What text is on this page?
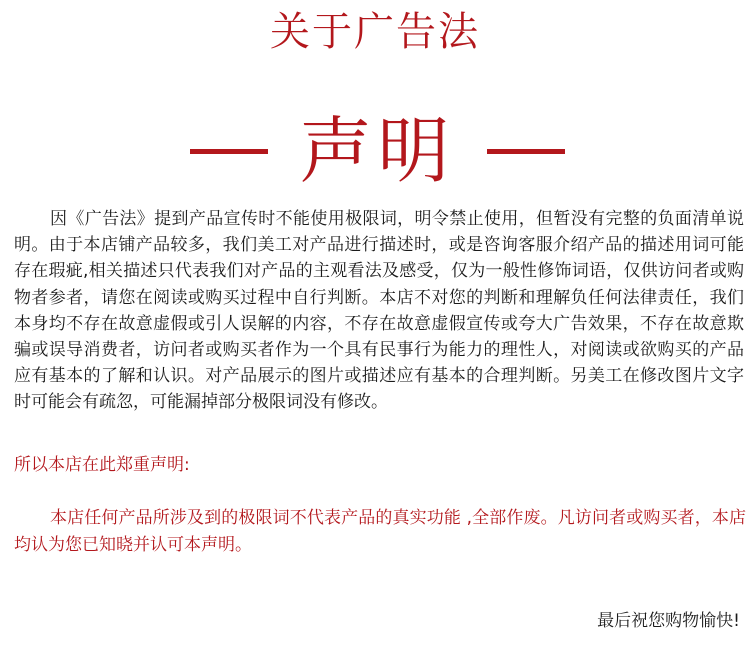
关于广告法
声明

因《广告法》提到产品宣传时不能使用极限词，明令禁止使用，但暂没有完整的负面清单说明。由于本店铺产品较多，我们美工对产品进行描述时，或是咨询客服介绍产品的描述用词可能存在瑕疵,相关描述只代表我们对产品的主观看法及感受，仅为一般性修饰词语，仅供访问者或购物者参者，请您在阅读或购买过程中自行判断。本店不对您的判断和理解负任何法律责任，我们本身均不存在故意虚假或引人误解的内容，不存在故意虚假宣传或夸大广告效果，不存在故意欺骗或误导消费者，访问者或购买者作为一个具有民事行为能力的理性人，对阅读或欲购买的产品应有基本的了解和认识。对产品展示的图片或描述应有基本的合理判断。另美工在修改图片文字时可能会有疏忽，可能漏掉部分极限词没有修改。

所以本店在此郑重声明:

本店任何产品所涉及到的极限词不代表产品的真实功能 ,全部作废。凡访问者或购买者，本店均认为您已知晓并认可本声明。

最后祝您购物愉快!
